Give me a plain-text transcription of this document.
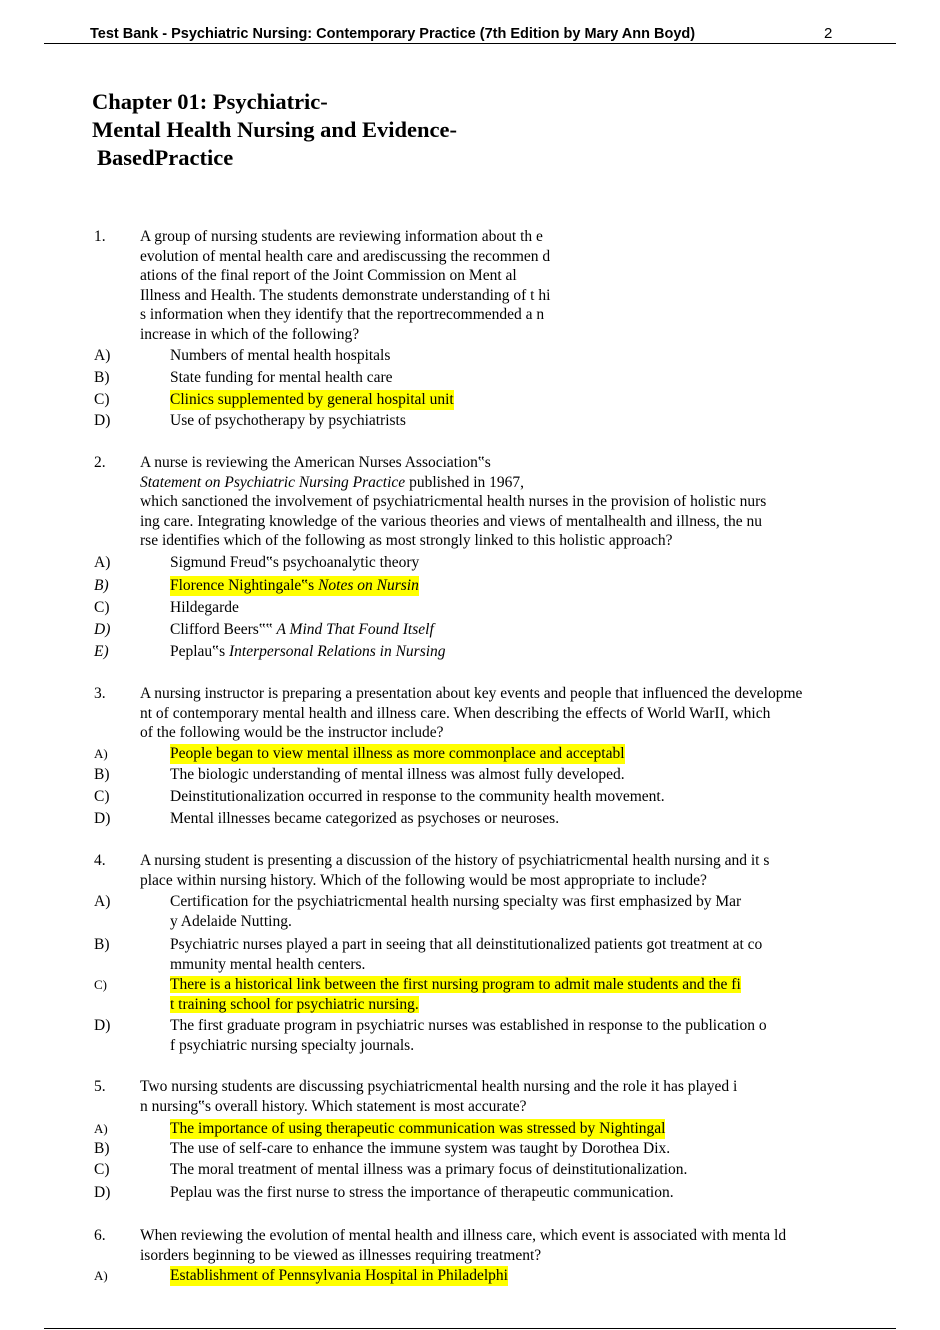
Test Bank - Psychiatric Nursing: Contemporary Practice (7th Edition by Mary Ann Boyd)	2
Chapter 01: Psychiatric-
Mental Health Nursing and Evidence-
BasedPractice
1. A group of nursing students are reviewing information about th e
evolution of mental health care and arediscussing the recommen d
ations of the final report of the Joint Commission on Ment al
Illness and Health. The students demonstrate understanding of t hi
s information when they identify that the reportrecommended a n
increase in which of the following?
A)	Numbers of mental health hospitals
B)	State funding for mental health care
C)	Clinics supplemented by general hospital unit
D)	Use of psychotherapy by psychiatrists
2. A nurse is reviewing the American Nurses Association‟s
Statement on Psychiatric Nursing Practice published in 1967,
which sanctioned the involvement of psychiatricmental health nurses in the provision of holistic nurs
ing care. Integrating knowledge of the various theories and views of mentalhealth and illness, the nu
rse identifies which of the following as most strongly linked to this holistic approach?
A)	Sigmund Freud‟s psychoanalytic theory
B)	Florence Nightingale‟s Notes on Nursin
C)	Hildegarde
D)	Clifford Beers‟‟ A Mind That Found Itself
E)	Peplau‟s Interpersonal Relations in Nursing
3. A nursing instructor is preparing a presentation about key events and people that influenced the developme
nt of contemporary mental health and illness care. When describing the effects of World WarII, which
of the following would be the instructor include?
A)	People began to view mental illness as more commonplace and acceptabl
B)	The biologic understanding of mental illness was almost fully developed.
C)	Deinstitutionalization occurred in response to the community health movement.
D)	Mental illnesses became categorized as psychoses or neuroses.
4. A nursing student is presenting a discussion of the history of psychiatricmental health nursing and it s
place within nursing history. Which of the following would be most appropriate to include?
A)	Certification for the psychiatricmental health nursing specialty was first emphasized by Mar
y Adelaide Nutting.
B)	Psychiatric nurses played a part in seeing that all deinstitutionalized patients got treatment at co
mmunity mental health centers.
C)	There is a historical link between the first nursing program to admit male students and the fi
t training school for psychiatric nursing.
D)	The first graduate program in psychiatric nurses was established in response to the publication o
f psychiatric nursing specialty journals.
5. Two nursing students are discussing psychiatricmental health nursing and the role it has played i
n nursing‟s overall history. Which statement is most accurate?
A)	The importance of using therapeutic communication was stressed by Nightingal
B)	The use of self-care to enhance the immune system was taught by Dorothea Dix.
C)	The moral treatment of mental illness was a primary focus of deinstitutionalization.
D)	Peplau was the first nurse to stress the importance of therapeutic communication.
6. When reviewing the evolution of mental health and illness care, which event is associated with menta ld
isorders beginning to be viewed as illnesses requiring treatment?
A)	Establishment of Pennsylvania Hospital in Philadelphi
